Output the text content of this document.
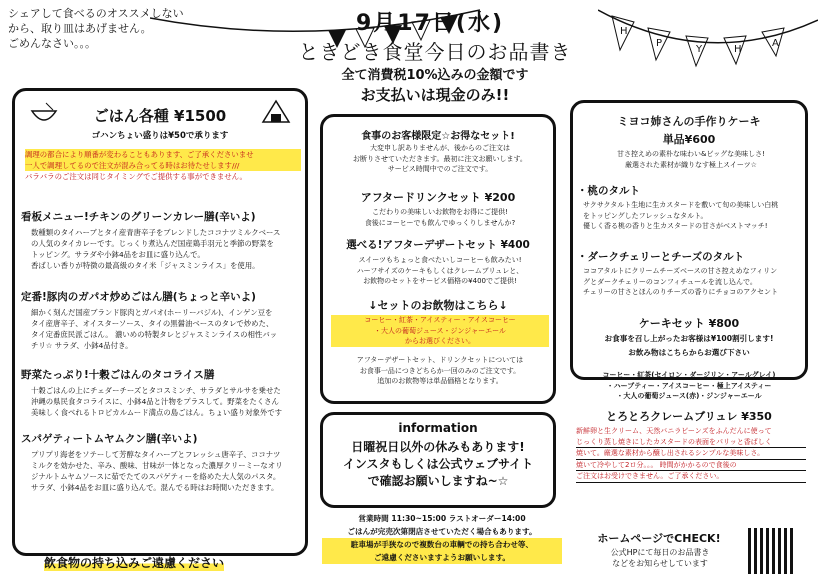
H
P
Y	H
A
シェアして食べるのオススメしない
から、取り皿はあげません。
ごめんなさい。。。
9月17日(水)
ときどき食堂今日のお品書き
全て消費税10%込みの金額です
お支払いは現金のみ!!
ごはん各種 ¥1500
ゴハンちょい盛りは¥50で承ります
調理の都合により順番が変わることもあります、ご了承くださいませ
一人で調理してるので注文が混み合ってる時はお待たせします///
バラバラのご注文は同じタイミングでご提供する事ができません。
看板メニュー!チキンのグリーンカレー膳(辛いよ)
数種類のタイハーブとタイ産青唐辛子をブレンドしたココナツミルクベース
の人気のタイカレーです。じっくり煮込んだ国産鶏手羽元と季節の野菜を
トッピング。サラダや小鉢4品をお皿に盛り込んで。
香ばしい香りが特徴の最高級のタイ米「ジャスミンライス」を使用。
定番!豚肉のガパオ炒めごはん膳(ちょっと辛いよ)
細かく刻んだ国産ブランド豚肉とガパオ(ホーリーバジル)、インゲン豆を
タイ産唐辛子、オイスターソース、タイの黒醤油ベースのタレで炒めた、
タイ定番庶民派ごはん。 濃いめの特製タレとジャスミンライスの相性バッ
チリ☆ サラダ、小鉢4品付き。
野菜たっぷり!十穀ごはんのタコライス膳
十穀ごはんの上にチェダーチーズとタコスミンチ、サラダとサルサを乗せた
沖縄の県民食タコライスに、小鉢4品と汁物をプラスして。野菜をたくさん
美味しく食べれるトロピカルムード満点の島ごはん。ちょい盛り対象外です
スパゲティートムヤムクン膳(辛いよ)
プリプリ海老をソテーして芳醇なタイハーブとフレッシュ唐辛子、ココナツ
ミルクを効かせた、辛み、酸味、甘味が一体となった濃厚クリーミーなオリ
ジナルトムヤムソースに茹でたてのスパゲティーを絡めた大人気のパスタ。
サラダ、小鉢4品をお皿に盛り込んで。混んでる時はお時間いただきます。
飲食物の持ち込みご遠慮ください
食事のお客様限定☆お得なセット!
大変申し訳ありませんが、後からのご注文は
お断りさせていただきます。最初に注文お願いします。
サービス時間中でのご注文です。
アフタードリンクセット ¥200
こだわりの美味しいお飲物をお得にご提供!
食後にコーヒーでも飲んでゆっくりしませんか?
選べる!アフターデザートセット ¥400
スイーツもちょっと食べたいしコーヒーも飲みたい!
ハーフサイズのケーキもしくはクレームブリュレと、
お飲物のセットをサービス価格の¥400でご提供!
↓セットのお飲物はこちら↓
コーヒー・紅茶・アイスティー・アイスコーヒー
・大人の葡萄ジュース・ジンジャーエール
からお選びください。
アフターデザートセット、ドリンクセットについては
お食事一品につきどちらか一回のみのご注文です。
追加のお飲物等は単品価格となります。
information
日曜祝日以外の休みもあります!
インスタもしくは公式ウェブサイト
で確認お願いしますね~☆
営業時間 11:30~15:00 ラストオーダー14:00
ごはんが完売次第閉店させていただく場合もあります。
駐車場が手狭なので複数台の車輌での持ち合わせ等、
ご遠慮くださいますようお願いします。
ミヨコ姉さんの手作りケーキ
単品¥600
甘さ控えめの素朴な味わい&ビッグな美味しさ!
厳選された素材が織りなす極上スイーツ☆
・桃のタルト
サクサクタルト生地に生カスタードを敷いて旬の美味しい白桃
をトッピングしたフレッシュなタルト。
優しく香る桃の香りと生カスタードの甘さがベストマッチ!
・ダークチェリーとチーズのタルト
ココアタルトにクリームチーズベースの甘さ控えめなフィリン
グとダークチェリーのコンフィチュールを流し込んで。
チェリーの甘さとほんのりチーズの香りにチョコのアクセント
ケーキセット ¥800
お食事を召し上がったお客様は¥100割引します!
お飲み物はこちらからお選び下さい
コーヒー・紅茶(セイロン・ダージリン・アールグレイ)
・ハーブティー・アイスコーヒー・極上アイスティー
・大人の葡萄ジュース(赤)・ジンジャーエール
とろとろクレームブリュレ ¥350
新鮮卵と生クリーム、天然バニラビーンズをふんだんに使って
じっくり蒸し焼きにしたカスタードの表面をパリッと香ばしく
焼いて。厳選な素材から醸し出されるシンプルな美味しさ。
焼いて冷やして2ロ分。。。 時間がかかるので食後の
ご注文はお受けできません。ご了承ください。
ホームページでCHECK!
公式HPにて毎日のお品書き
などをお知らせしています
